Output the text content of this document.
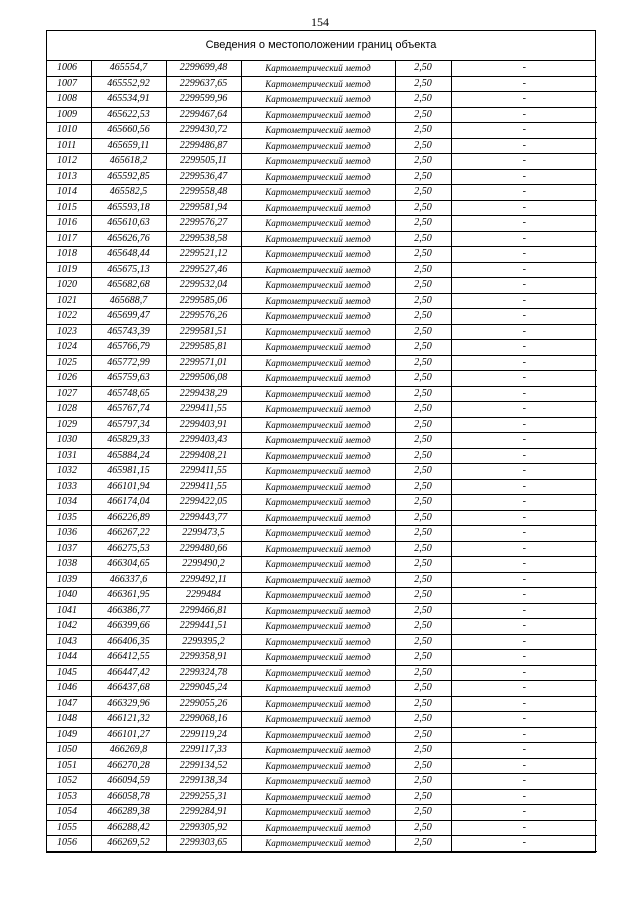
154
Сведения о местоположении границ объекта
1006	465554,7	2299699,48	Картометрический метод	2,50	-
1007	465552,92	2299637,65	Картометрический метод	2,50	-
1008	465534,91	2299599,96	Картометрический метод	2,50	-
1009	465622,53	2299467,64	Картометрический метод	2,50	-
1010	465660,56	2299430,72	Картометрический метод	2,50	-
1011	465659,11	2299486,87	Картометрический метод	2,50	-
1012	465618,2	2299505,11	Картометрический метод	2,50	-
1013	465592,85	2299536,47	Картометрический метод	2,50	-
1014	465582,5	2299558,48	Картометрический метод	2,50	-
1015	465593,18	2299581,94	Картометрический метод	2,50	-
1016	465610,63	2299576,27	Картометрический метод	2,50	-
1017	465626,76	2299538,58	Картометрический метод	2,50	-
1018	465648,44	2299521,12	Картометрический метод	2,50	-
1019	465675,13	2299527,46	Картометрический метод	2,50	-
1020	465682,68	2299532,04	Картометрический метод	2,50	-
1021	465688,7	2299585,06	Картометрический метод	2,50	-
1022	465699,47	2299576,26	Картометрический метод	2,50	-
1023	465743,39	2299581,51	Картометрический метод	2,50	-
1024	465766,79	2299585,81	Картометрический метод	2,50	-
1025	465772,99	2299571,01	Картометрический метод	2,50	-
1026	465759,63	2299506,08	Картометрический метод	2,50	-
1027	465748,65	2299438,29	Картометрический метод	2,50	-
1028	465767,74	2299411,55	Картометрический метод	2,50	-
1029	465797,34	2299403,91	Картометрический метод	2,50	-
1030	465829,33	2299403,43	Картометрический метод	2,50	-
1031	465884,24	2299408,21	Картометрический метод	2,50	-
1032	465981,15	2299411,55	Картометрический метод	2,50	-
1033	466101,94	2299411,55	Картометрический метод	2,50	-
1034	466174,04	2299422,05	Картометрический метод	2,50	-
1035	466226,89	2299443,77	Картометрический метод	2,50	-
1036	466267,22	2299473,5	Картометрический метод	2,50	-
1037	466275,53	2299480,66	Картометрический метод	2,50	-
1038	466304,65	2299490,2	Картометрический метод	2,50	-
1039	466337,6	2299492,11	Картометрический метод	2,50	-
1040	466361,95	2299484	Картометрический метод	2,50	-
1041	466386,77	2299466,81	Картометрический метод	2,50	-
1042	466399,66	2299441,51	Картометрический метод	2,50	-
1043	466406,35	2299395,2	Картометрический метод	2,50	-
1044	466412,55	2299358,91	Картометрический метод	2,50	-
1045	466447,42	2299324,78	Картометрический метод	2,50	-
1046	466437,68	2299045,24	Картометрический метод	2,50	-
1047	466329,96	2299055,26	Картометрический метод	2,50	-
1048	466121,32	2299068,16	Картометрический метод	2,50	-
1049	466101,27	2299119,24	Картометрический метод	2,50	-
1050	466269,8	2299117,33	Картометрический метод	2,50	-
1051	466270,28	2299134,52	Картометрический метод	2,50	-
1052	466094,59	2299138,34	Картометрический метод	2,50	-
1053	466058,78	2299255,31	Картометрический метод	2,50	-
1054	466289,38	2299284,91	Картометрический метод	2,50	-
1055	466288,42	2299305,92	Картометрический метод	2,50	-
1056	466269,52	2299303,65	Картометрический метод	2,50	-
